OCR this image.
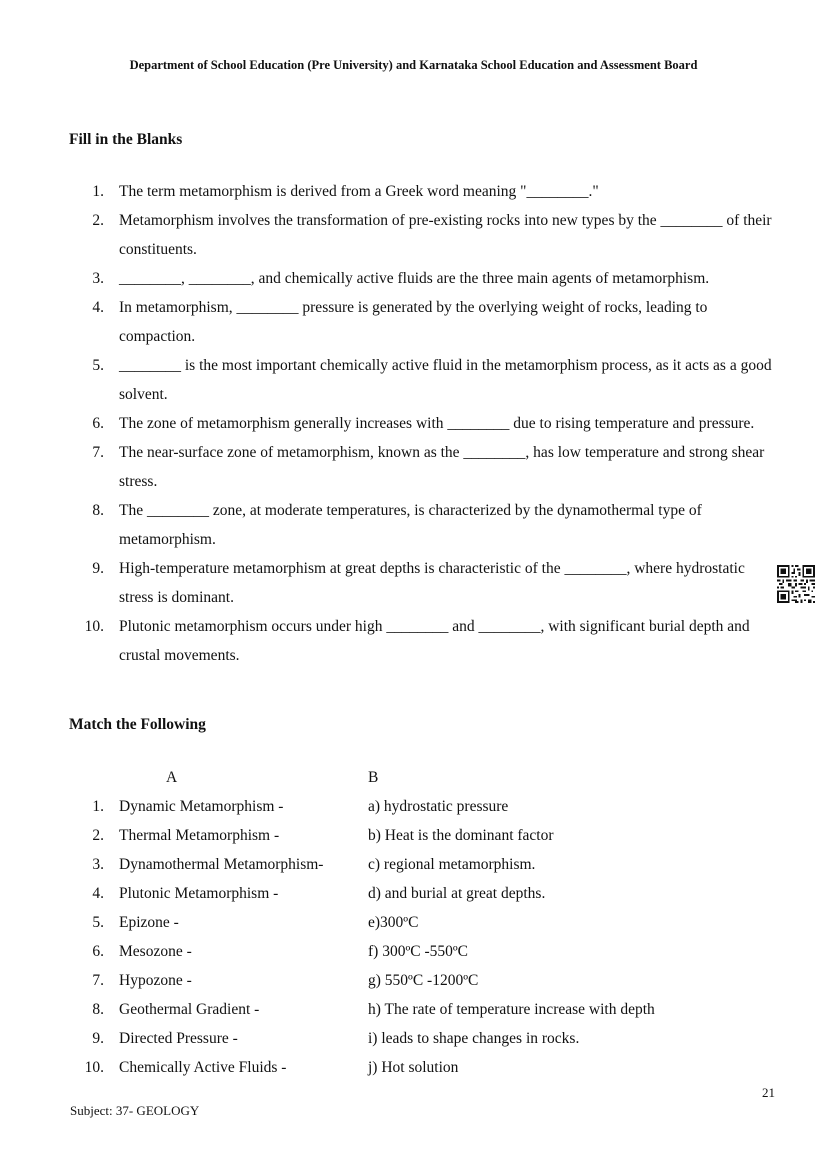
Department of School Education (Pre University) and Karnataka School Education and Assessment Board
Fill in the Blanks
1. The term metamorphism is derived from a Greek word meaning "________."
2. Metamorphism involves the transformation of pre-existing rocks into new types by the ________ of their constituents.
3. ________, ________, and chemically active fluids are the three main agents of metamorphism.
4. In metamorphism, ________ pressure is generated by the overlying weight of rocks, leading to compaction.
5. ________ is the most important chemically active fluid in the metamorphism process, as it acts as a good solvent.
6. The zone of metamorphism generally increases with ________ due to rising temperature and pressure.
7. The near-surface zone of metamorphism, known as the ________, has low temperature and strong shear stress.
8. The ________ zone, at moderate temperatures, is characterized by the dynamothermal type of metamorphism.
9. High-temperature metamorphism at great depths is characteristic of the ________, where hydrostatic stress is dominant.
10. Plutonic metamorphism occurs under high ________ and ________, with significant burial depth and crustal movements.
Match the Following
A	B
1. Dynamic Metamorphism -	a) hydrostatic pressure
2. Thermal Metamorphism -	b) Heat is the dominant factor
3. Dynamothermal Metamorphism-	c) regional metamorphism.
4. Plutonic Metamorphism -	d) and burial at great depths.
5. Epizone -	e)300ºC
6. Mesozone -	f) 300ºC -550ºC
7. Hypozone -	g) 550ºC -1200ºC
8. Geothermal Gradient -	h) The rate of temperature increase with depth
9. Directed Pressure -	i) leads to shape changes in rocks.
10. Chemically Active Fluids -	j) Hot solution
21
Subject: 37- GEOLOGY
